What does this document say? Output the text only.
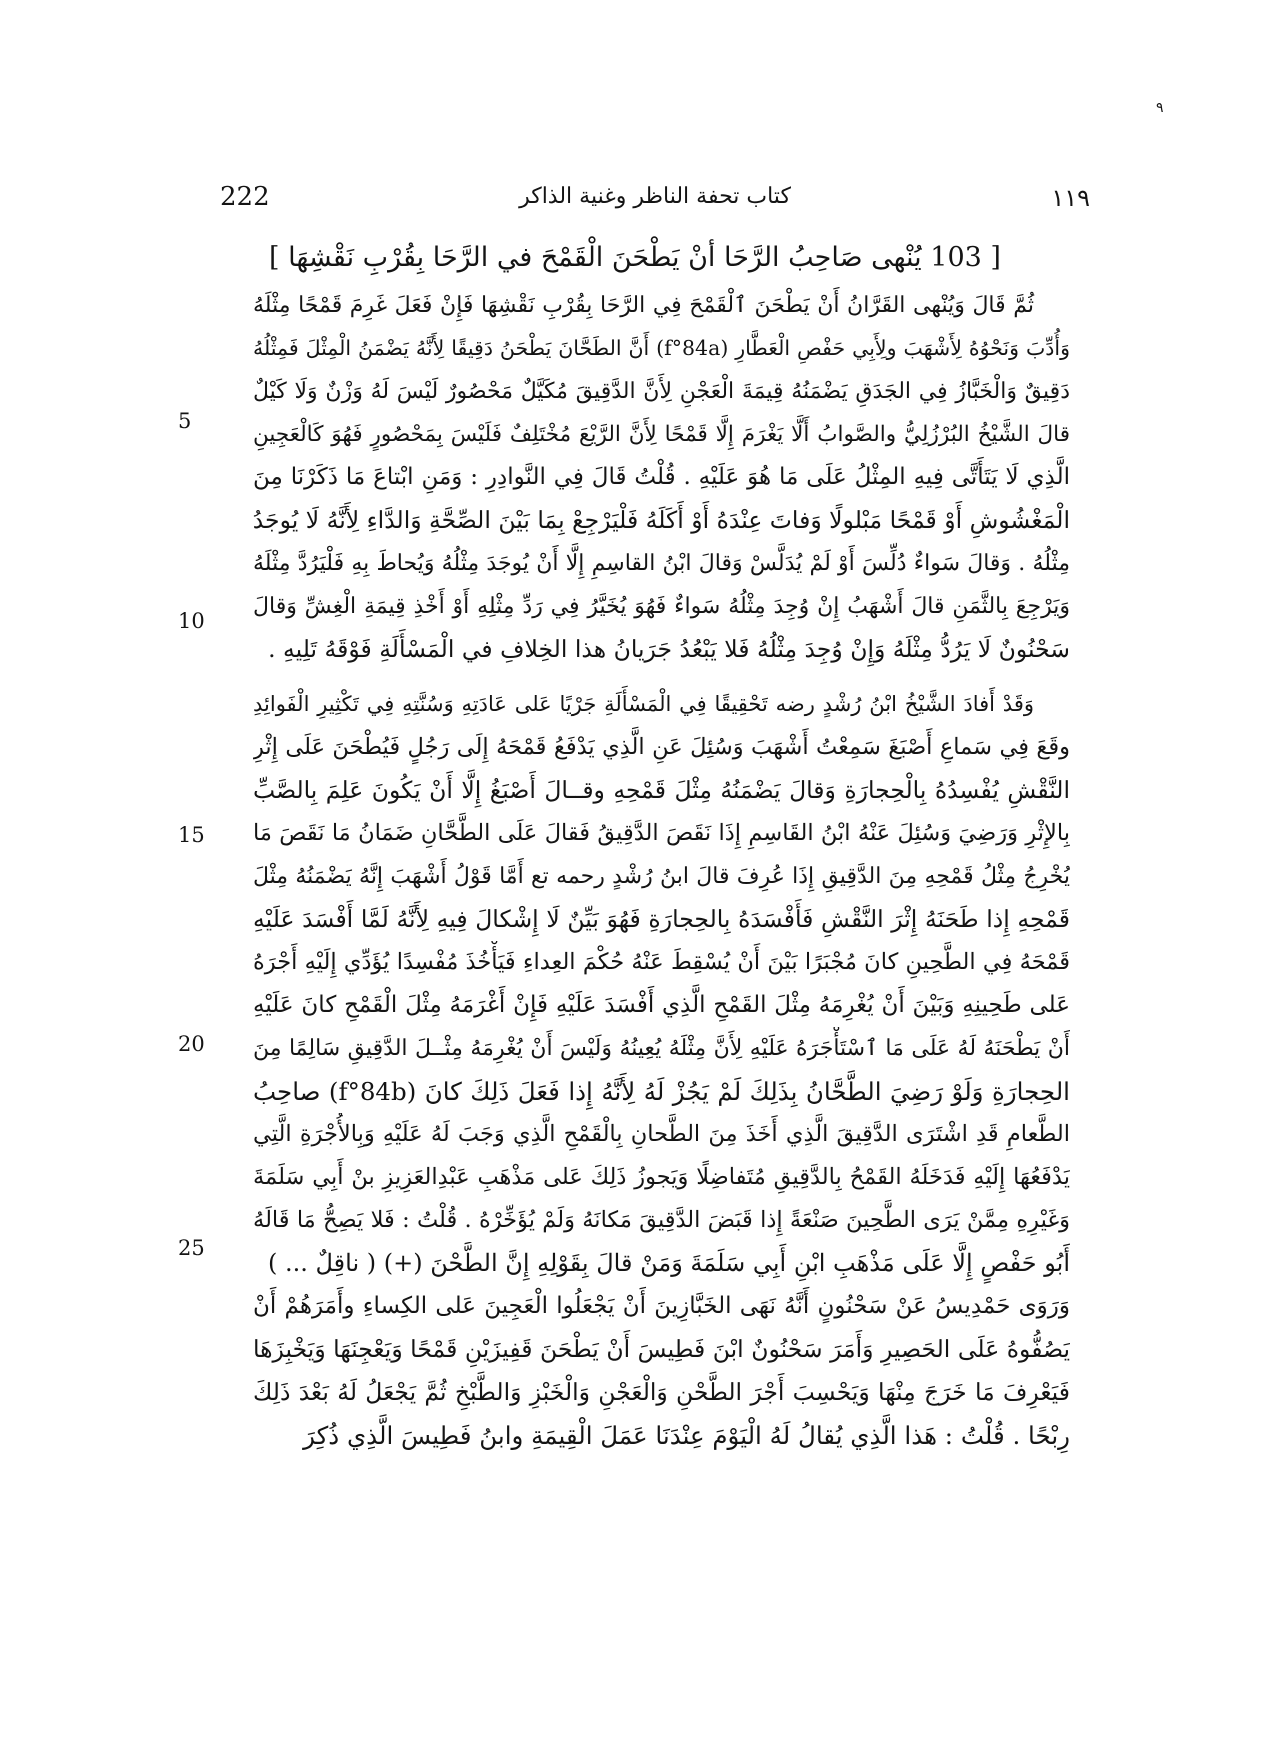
٩
222	كتاب تحفة الناظر وغنية الذاكر	١١٩
[ 103 يُنْهى صَاحِبُ الرَّحَا أنْ يَطْحَنَ الْقَمْحَ في الرَّحَا بِقُرْبِ نَقْشِهَا ]
ثُمَّ قَالَ وَيُنْهى القَرَّانُ أَنْ يَطْحَنَ ٱلْقَمْحَ فِي الرَّحَا بِقُرْبِ نَقْشِهَا فَإِنْ فَعَلَ غَرِمَ قَمْحًا مِثْلَهُ
وَأُدِّبَ وَنَحْوُهُ لِأَشْهَبَ ولِأَبِي حَفْصِ الْعَطَّارِ (f°84a) أَنَّ الطَحَّانَ يَطْحَنُ دَقِيقًا لِأَنَّهُ يَضْمَنُ الْمِثْلَ فَمِثْلُهُ
دَقِيقٌ وَالْخَبَّازُ فِي الجَدَقِ يَضْمَنُهُ قِيمَةَ الْعَجْنِ لِأَنَّ الدَّقِيقَ مُكَيَّلٌ مَحْصُورٌ لَيْسَ لَهُ وَزْنٌ وَلَا كَيْلٌ
قالَ الشَّيْخُ البُرْزُلِيُّ والصَّوابُ أَلَّا يَغْرَمَ إِلَّا قَمْحًا لِأَنَّ الرَّيْعَ مُخْتَلِفٌ فَلَيْسَ بِمَحْصُورٍ فَهُوَ كَالْعَجِينِ
الَّذِي لَا يَتَأَتَّى فِيهِ المِثْلُ عَلَى مَا هُوَ عَلَيْهِ . قُلْتُ قَالَ فِي النَّوادِرِ : وَمَنِ ابْتاعَ مَا ذَكَرْنَا مِنَ
الْمَغْشُوشِ أَوْ قَمْحًا مَبْلولًا وَفاتَ عِنْدَهُ أَوْ أَكَلَهُ فَلْيَرْجِعْ بِمَا بَيْنَ الصِّحَّةِ وَالدَّاءِ لِأَنَّهُ لَا يُوجَدُ
مِثْلُهُ . وَقالَ سَواءٌ دُلِّسَ أَوْ لَمْ يُدَلَّسْ وَقالَ ابْنُ القاسِمِ إِلَّا أَنْ يُوجَدَ مِثْلُهُ وَيُحاطَ بِهِ فَلْيَرُدَّ مِثْلَهُ
وَيَرْجِعَ بِالثَّمَنِ قالَ أَشْهَبُ إِنْ وُجِدَ مِثْلُهُ سَواءٌ فَهُوَ يُخَيَّرُ فِي رَدِّ مِثْلِهِ أَوْ أَخْذِ قِيمَةِ الْغِشِّ وَقالَ
سَحْنُونٌ لَا يَرُدُّ مِثْلَهُ وَإِنْ وُجِدَ مِثْلُهُ فَلا يَبْعُدُ جَرَيانُ هذا الخِلافِ في الْمَسْأَلَةِ فَوْقَهُ تَلِيهِ .
وَقَدْ أَفادَ الشَّيْخُ ابْنُ رُشْدٍ رضه تَحْقِيقًا فِي الْمَسْأَلَةِ جَرْيًا عَلى عَادَتِهِ وَسُنَّتِهِ فِي تَكْثِيرِ الْفَوائِدِ
وقَعَ فِي سَماعِ أَصْبَغَ سَمِعْتُ أَشْهَبَ وَسُئِلَ عَنِ الَّذِي يَدْفَعُ قَمْحَهُ إِلَى رَجُلٍ فَيُطْحَنَ عَلَى إِثْرِ
النَّقْشِ يُفْسِدُهُ بِالْحِجارَةِ وَقالَ يَضْمَنُهُ مِثْلَ قَمْحِهِ وقــالَ أَصْبَغُ إِلَّا أَنْ يَكُونَ عَلِمَ بِالصَّبِّ
بِالإِثْرِ وَرَضِيَ وَسُئِلَ عَنْهُ ابْنُ القَاسِمِ إِذَا نَقَصَ الدَّقِيقُ فَقالَ عَلَى الطَّحَّانِ ضَمَانُ مَا نَقَصَ مَا
يُخْرِجُ مِثْلُ قَمْحِهِ مِنَ الدَّقِيقِ إِذَا عُرِفَ قالَ ابنُ رُشْدٍ رحمه تع أَمَّا قَوْلُ أَشْهَبَ إِنَّهُ يَضْمَنُهُ مِثْلَ
قَمْحِهِ إِذا طَحَنَهُ إِثْرَ النَّقْشِ فَأَفْسَدَهُ بِالحِجارَةِ فَهُوَ بَيِّنٌ لَا إِشْكالَ فِيهِ لِأَنَّهُ لَمَّا أَفْسَدَ عَلَيْهِ
قَمْحَهُ فِي الطَّحِينِ كانَ مُجْبَرًا بَيْنَ أَنْ يُسْقِطَ عَنْهُ حُكْمَ العِداءِ فَيَأْخُذَ مُفْسِدًا يُؤَدِّي إِلَيْهِ أَجْرَهُ
عَلى طَحِينِهِ وَبَيْنَ أَنْ يُغْرِمَهُ مِثْلَ القَمْحِ الَّذِي أَفْسَدَ عَلَيْهِ فَإِنْ أَغْرَمَهُ مِثْلَ الْقَمْحِ كانَ عَلَيْهِ
أَنْ يَطْحَنَهُ لَهُ عَلَى مَا ٱسْتَأْجَرَهُ عَلَيْهِ لِأَنَّ مِثْلَهُ يُعِينُهُ وَلَيْسَ أَنْ يُغْرِمَهُ مِثْــلَ الدَّقِيقِ سَالِمًا مِنَ
الحِجارَةِ وَلَوْ رَضِيَ الطَّحَّانُ بِذَلِكَ لَمْ يَجُزْ لَهُ لِأَنَّهُ إِذا فَعَلَ ذَلِكَ كانَ (f°84b) صاحِبُ
الطَّعامِ قَدِ اشْتَرَى الدَّقِيقَ الَّذِي أَخَذَ مِنَ الطَّحانِ بِالْقَمْحِ الَّذِي وَجَبَ لَهُ عَلَيْهِ وَبِالأُجْرَةِ الَّتِي
يَدْفَعُهَا إِلَيْهِ فَدَخَلَهُ القَمْحُ بِالدَّقِيقِ مُتَفاضِلًا وَيَجوزُ ذَلِكَ عَلى مَذْهَبِ عَبْدِالعَزِيزِ بنْ أَبِي سَلَمَةَ
وَغَيْرِهِ مِمَّنْ يَرَى الطَّحِينَ صَنْعَةً إِذا قَبَضَ الدَّقِيقَ مَكانَهُ وَلَمْ يُؤَخِّرْهُ . قُلْتُ : فَلا يَصِحُّ مَا قَالَهُ
أَبُو حَفْصٍ إِلَّا عَلَى مَذْهَبِ ابْنِ أَبِي سَلَمَةَ وَمَنْ قالَ بِقَوْلِهِ إِنَّ الطَّحْنَ (+) ( ناقِلٌ ... )
وَرَوَى حَمْدِيسُ عَنْ سَحْنُونٍ أَنَّهُ نَهَى الخَبَّازِينَ أَنْ يَجْعَلُوا الْعَجِينَ عَلى الكِساءِ وأَمَرَهُمْ أَنْ
يَصُفُّوهُ عَلَى الحَصِيرِ وَأَمَرَ سَحْنُونٌ ابْنَ فَطِيسَ أَنْ يَطْحَنَ قَفِيزَيْنِ قَمْحًا وَيَعْجِنَهَا وَيَخْبِزَهَا
فَيَعْرِفَ مَا خَرَجَ مِنْهَا وَيَحْسِبَ أَجْرَ الطَّحْنِ وَالْعَجْنِ وَالْخَبْزِ وَالطَّبْخِ ثُمَّ يَجْعَلُ لَهُ بَعْدَ ذَلِكَ
رِبْحًا . قُلْتُ : هَذا الَّذِي يُقالُ لَهُ الْيَوْمَ عِنْدَنَا عَمَلَ الْقِيمَةِ وابنُ فَطِيسَ الَّذِي ذُكِرَ
5
10
15
20
25
